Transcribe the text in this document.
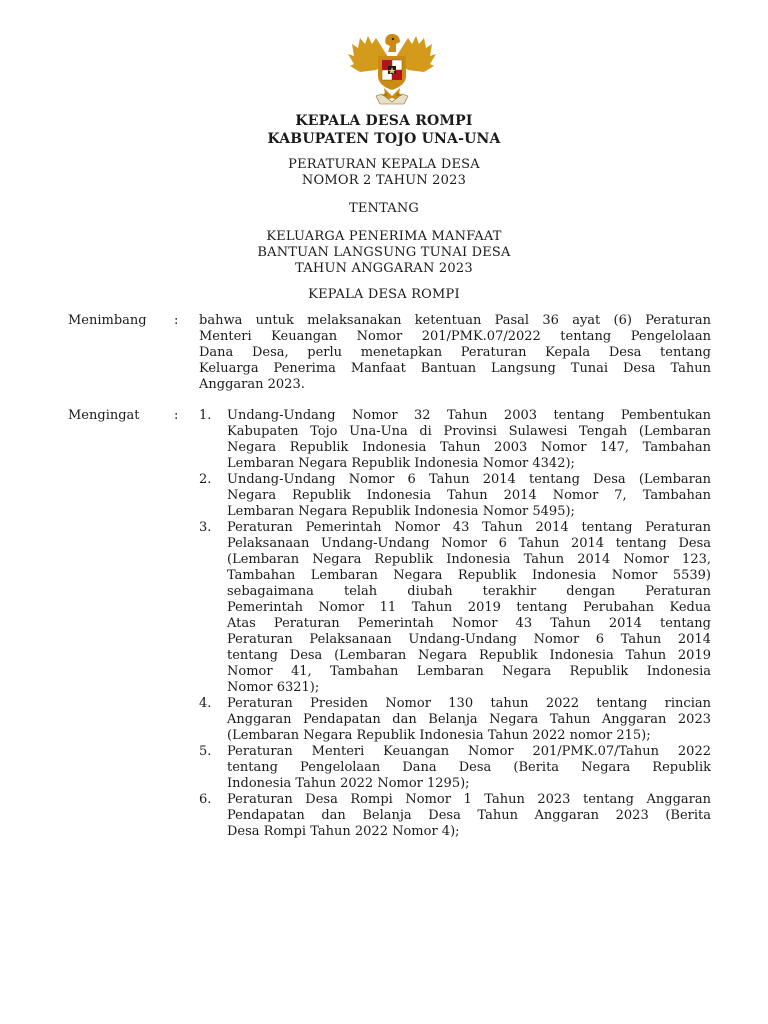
KEPALA DESA ROMPI
KABUPATEN TOJO UNA-UNA
PERATURAN KEPALA DESA
NOMOR 2 TAHUN 2023
TENTANG
KELUARGA PENERIMA MANFAAT
BANTUAN LANGSUNG TUNAI DESA
TAHUN ANGGARAN 2023
KEPALA DESA ROMPI
Menimbang : bahwa untuk melaksanakan ketentuan Pasal 36 ayat (6) Peraturan
Menteri Keuangan Nomor 201/PMK.07/2022 tentang Pengelolaan
Dana Desa, perlu menetapkan Peraturan Kepala Desa tentang
Keluarga Penerima Manfaat Bantuan Langsung Tunai Desa Tahun
Anggaran 2023.
Mengingat	: 1.	Undang-Undang Nomor 32 Tahun 2003 tentang Pembentukan
Kabupaten Tojo Una-Una di Provinsi Sulawesi Tengah (Lembaran
Negara Republik Indonesia Tahun 2003 Nomor 147, Tambahan
Lembaran Negara Republik Indonesia Nomor 4342);
2.	Undang-Undang Nomor 6 Tahun 2014 tentang Desa (Lembaran
Negara Republik Indonesia Tahun 2014 Nomor 7, Tambahan
Lembaran Negara Republik Indonesia Nomor 5495);
3.	Peraturan Pemerintah Nomor 43 Tahun 2014 tentang Peraturan
Pelaksanaan Undang-Undang Nomor 6 Tahun 2014 tentang Desa
(Lembaran Negara Republik Indonesia Tahun 2014 Nomor 123,
Tambahan Lembaran Negara Republik Indonesia Nomor 5539)
sebagaimana telah diubah terakhir dengan Peraturan
Pemerintah Nomor 11 Tahun 2019 tentang Perubahan Kedua
Atas Peraturan Pemerintah Nomor 43 Tahun 2014 tentang
Peraturan Pelaksanaan Undang-Undang Nomor 6 Tahun 2014
tentang Desa (Lembaran Negara Republik Indonesia Tahun 2019
Nomor 41, Tambahan Lembaran Negara Republik Indonesia
Nomor 6321);
4.	Peraturan Presiden Nomor 130 tahun 2022 tentang rincian
Anggaran Pendapatan dan Belanja Negara Tahun Anggaran 2023
(Lembaran Negara Republik Indonesia Tahun 2022 nomor 215);
5.	Peraturan Menteri Keuangan Nomor 201/PMK.07/Tahun 2022
tentang Pengelolaan Dana Desa (Berita Negara Republik
Indonesia Tahun 2022 Nomor 1295);
6.	Peraturan Desa Rompi Nomor 1 Tahun 2023 tentang Anggaran
Pendapatan dan Belanja Desa Tahun Anggaran 2023 (Berita
Desa Rompi Tahun 2022 Nomor 4);
